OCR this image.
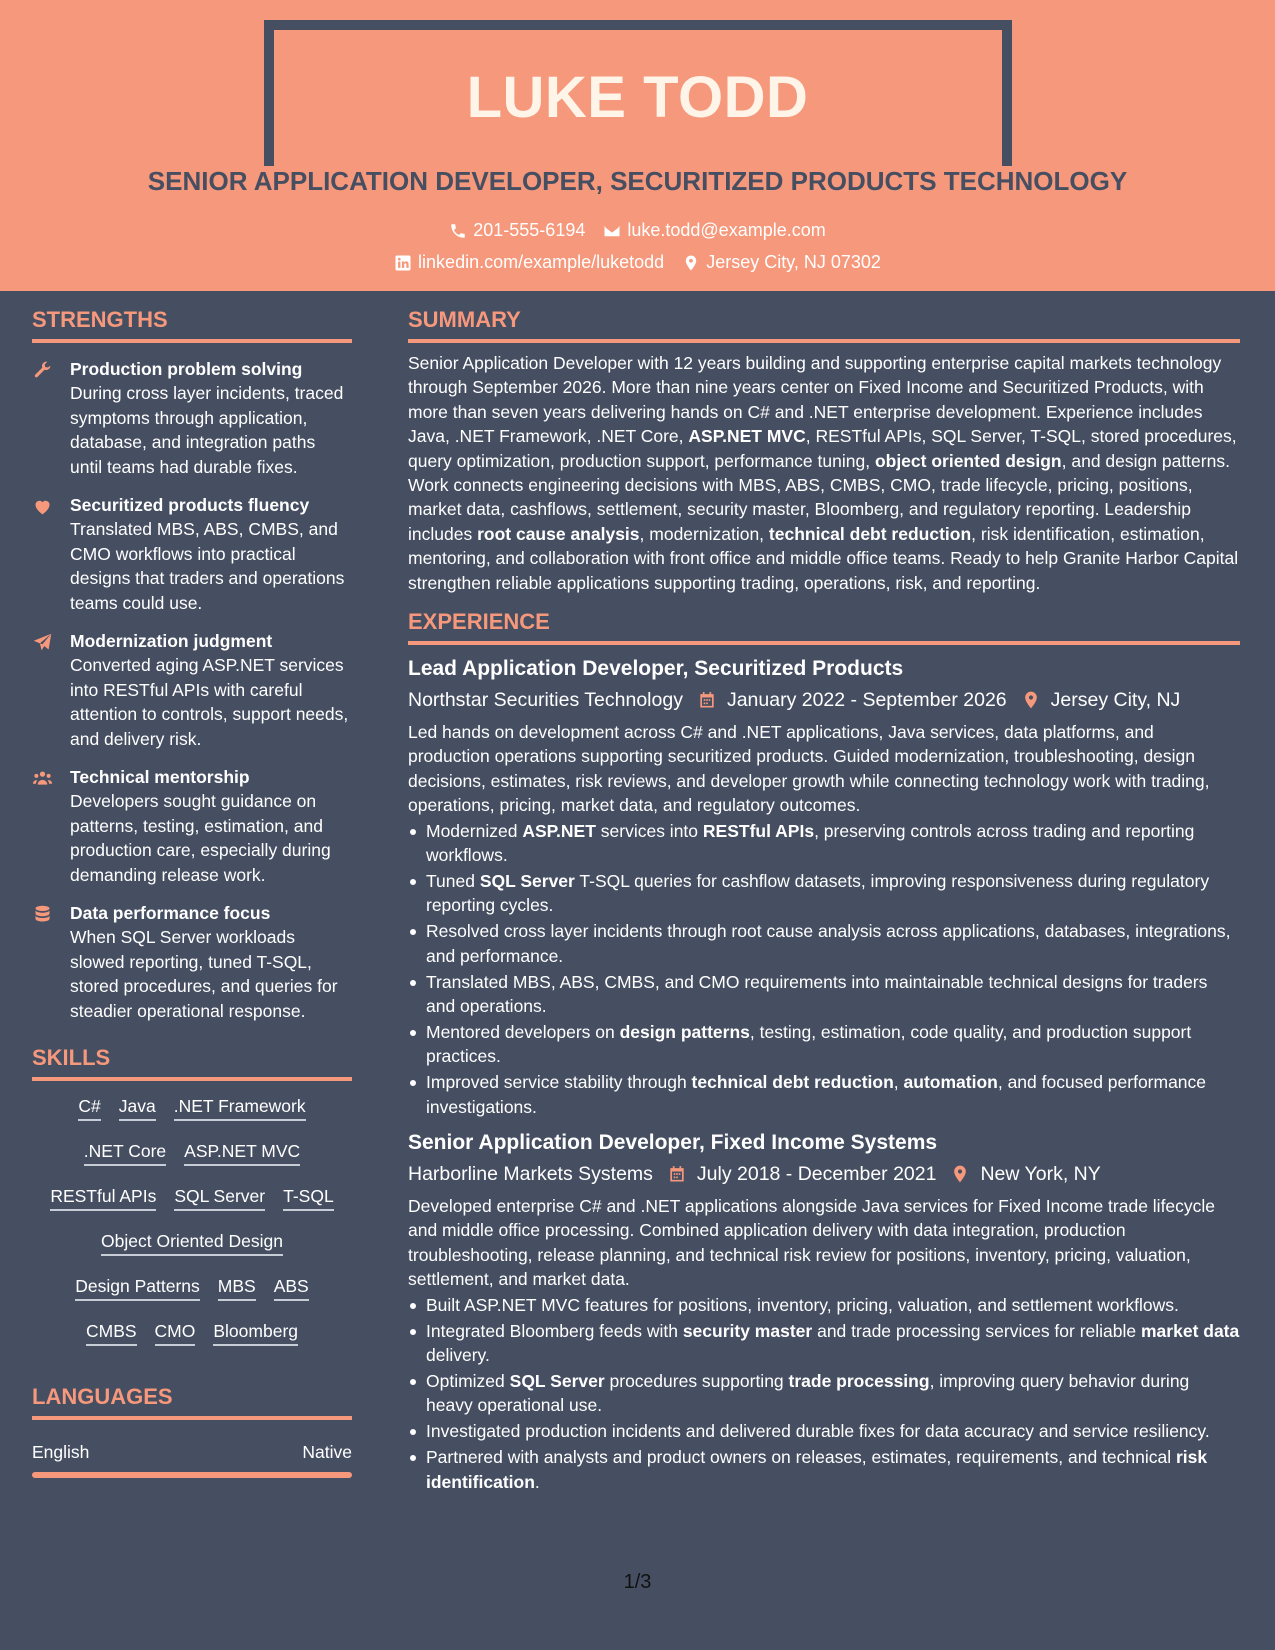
LUKE TODD
SENIOR APPLICATION DEVELOPER, SECURITIZED PRODUCTS TECHNOLOGY
201-555-6194 luke.todd@example.com
linkedin.com/example/luketodd Jersey City, NJ 07302
STRENGTHS
Production problem solving
During cross layer incidents, traced symptoms through application, database, and integration paths until teams had durable fixes.
Securitized products fluency
Translated MBS, ABS, CMBS, and CMO workflows into practical designs that traders and operations teams could use.
Modernization judgment
Converted aging ASP.NET services into RESTful APIs with careful attention to controls, support needs, and delivery risk.
Technical mentorship
Developers sought guidance on patterns, testing, estimation, and production care, especially during demanding release work.
Data performance focus
When SQL Server workloads slowed reporting, tuned T-SQL, stored procedures, and queries for steadier operational response.
SKILLS
C# Java .NET Framework
.NET Core ASP.NET MVC
RESTful APIs SQL Server T-SQL
Object Oriented Design
Design Patterns MBS ABS
CMBS CMO Bloomberg
LANGUAGES
English	Native
SUMMARY
Senior Application Developer with 12 years building and supporting enterprise capital markets technology through September 2026. More than nine years center on Fixed Income and Securitized Products, with more than seven years delivering hands on C# and .NET enterprise development. Experience includes Java, .NET Framework, .NET Core, ASP.NET MVC, RESTful APIs, SQL Server, T-SQL, stored procedures, query optimization, production support, performance tuning, object oriented design, and design patterns. Work connects engineering decisions with MBS, ABS, CMBS, CMO, trade lifecycle, pricing, positions, market data, cashflows, settlement, security master, Bloomberg, and regulatory reporting. Leadership includes root cause analysis, modernization, technical debt reduction, risk identification, estimation, mentoring, and collaboration with front office and middle office teams. Ready to help Granite Harbor Capital strengthen reliable applications supporting trading, operations, risk, and reporting.
EXPERIENCE
Lead Application Developer, Securitized Products
Northstar Securities Technology January 2022 - September 2026 Jersey City, NJ
Led hands on development across C# and .NET applications, Java services, data platforms, and production operations supporting securitized products. Guided modernization, troubleshooting, design decisions, estimates, risk reviews, and developer growth while connecting technology work with trading, operations, pricing, market data, and regulatory outcomes.
Modernized ASP.NET services into RESTful APIs, preserving controls across trading and reporting workflows.
Tuned SQL Server T-SQL queries for cashflow datasets, improving responsiveness during regulatory reporting cycles.
Resolved cross layer incidents through root cause analysis across applications, databases, integrations, and performance.
Translated MBS, ABS, CMBS, and CMO requirements into maintainable technical designs for traders and operations.
Mentored developers on design patterns, testing, estimation, code quality, and production support practices.
Improved service stability through technical debt reduction, automation, and focused performance investigations.
Senior Application Developer, Fixed Income Systems
Harborline Markets Systems July 2018 - December 2021 New York, NY
Developed enterprise C# and .NET applications alongside Java services for Fixed Income trade lifecycle and middle office processing. Combined application delivery with data integration, production troubleshooting, release planning, and technical risk review for positions, inventory, pricing, valuation, settlement, and market data.
Built ASP.NET MVC features for positions, inventory, pricing, valuation, and settlement workflows.
Integrated Bloomberg feeds with security master and trade processing services for reliable market data delivery.
Optimized SQL Server procedures supporting trade processing, improving query behavior during heavy operational use.
Investigated production incidents and delivered durable fixes for data accuracy and service resiliency.
Partnered with analysts and product owners on releases, estimates, requirements, and technical risk identification.
1/3
